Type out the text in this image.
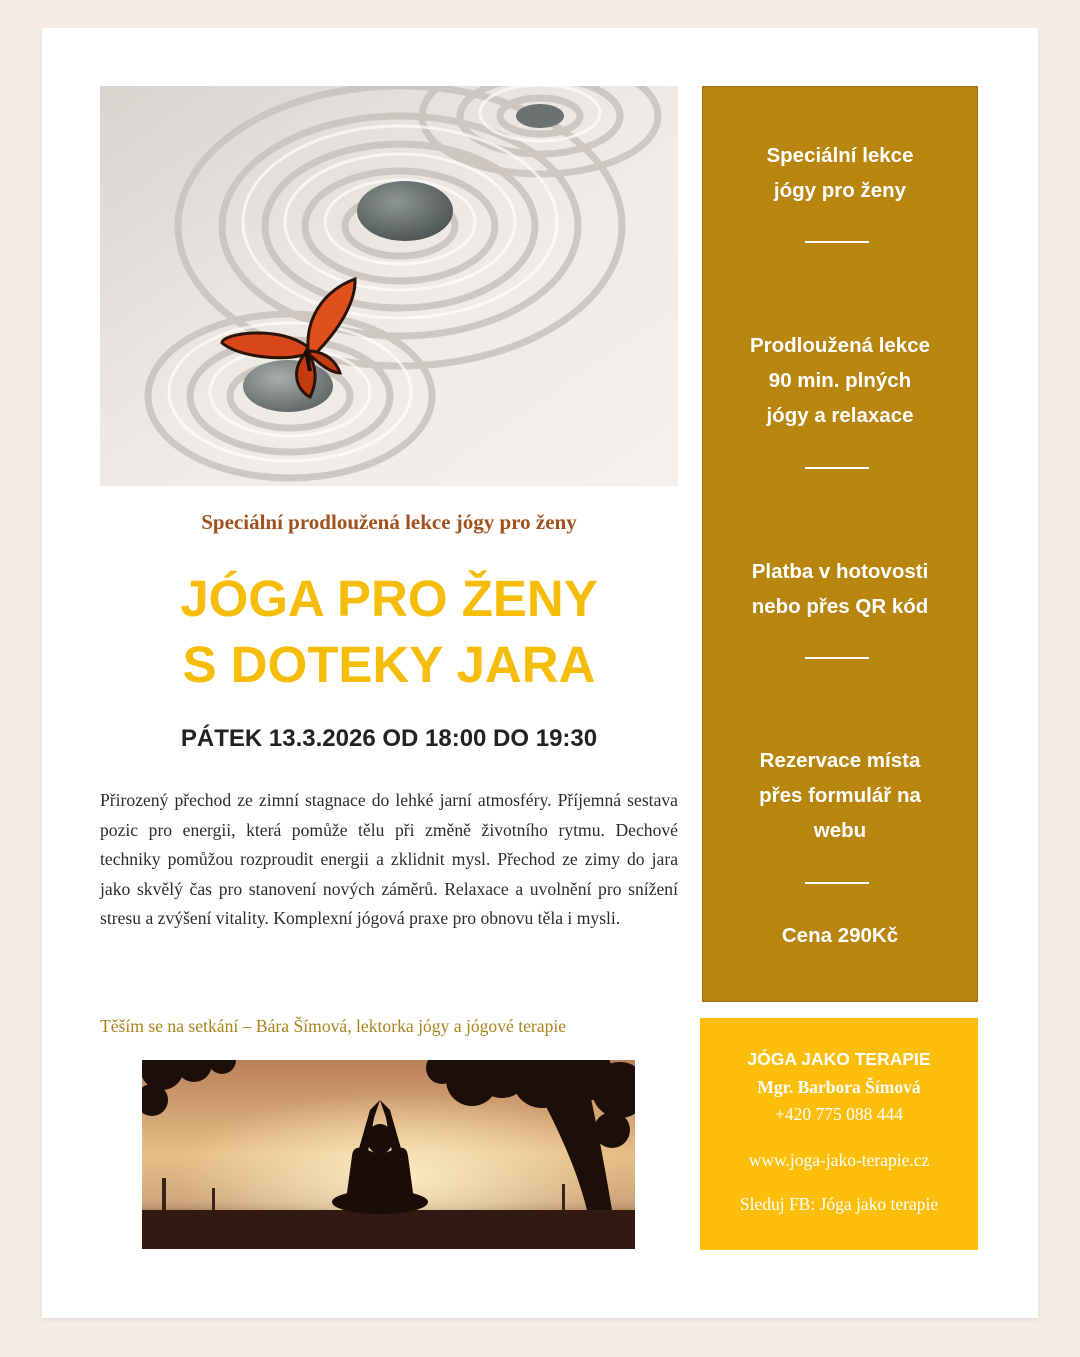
Speciální lekce
jógy pro ženy
Prodloužená lekce
90 min. plných
jógy a relaxace
Platba v hotovosti
nebo přes QR kód
Rezervace místa
přes formulář na
webu
Cena 290Kč
Speciální prodloužená lekce jógy pro ženy
JÓGA PRO ŽENY
S DOTEKY JARA
PÁTEK 13.3.2026 OD 18:00 DO 19:30
Přirozený přechod ze zimní stagnace do lehké jarní atmosféry. Příjemná sestava pozic pro energii, která pomůže tělu při změně životního rytmu. Dechové techniky pomůžou rozproudit energii a zklidnit mysl. Přechod ze zimy do jara jako skvělý čas pro stanovení nových záměrů. Relaxace a uvolnění pro snížení stresu a zvýšení vitality. Komplexní jógová praxe pro obnovu těla i mysli.
Těším se na setkání – Bára Šímová, lektorka jógy a jógové terapie
JÓGA JAKO TERAPIE
Mgr. Barbora Šímová
+420 775 088 444
www.joga-jako-terapie.cz
Sleduj FB: Jóga jako terapie
